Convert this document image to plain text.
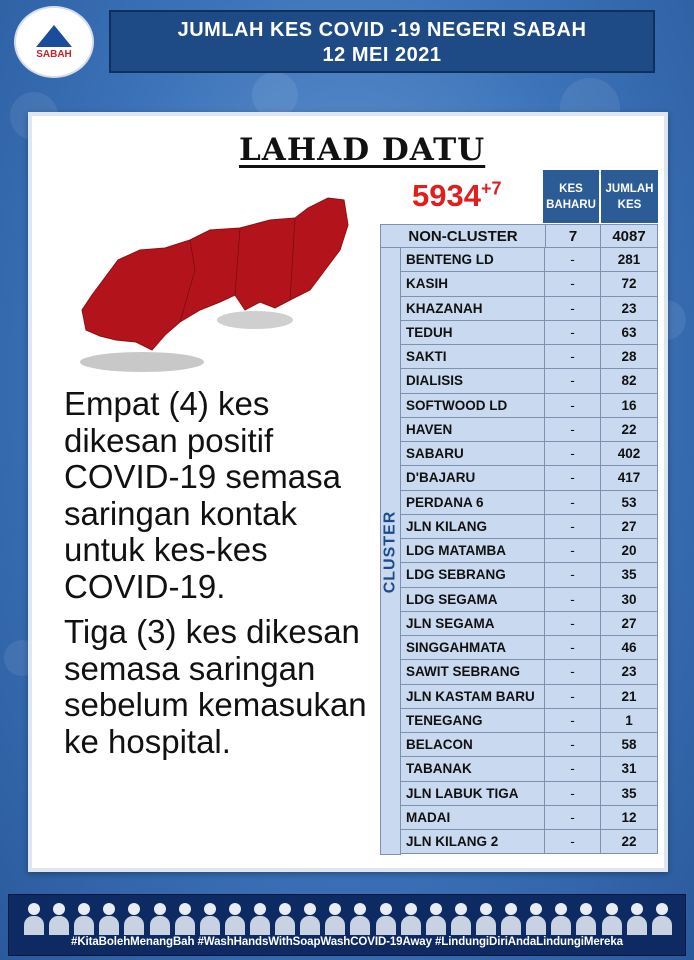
SABAH
JUMLAH KES COVID -19 NEGERI SABAH
12 MEI 2021
LAHAD DATU
$5934^{+7}$

Empat (4) kes dikesan positif COVID-19 semasa saringan kontak untuk kes-kes COVID-19.

Tiga (3) kes dikesan semasa saringan sebelum kemasukan ke hospital.

KES BAHARU
JUMLAH KES
NON-CLUSTER	7	4087
CLUSTER
BENTENG LD	-	281
KASIH	-	72
KHAZANAH	-	23
TEDUH	-	63
SAKTI	-	28
DIALISIS	-	82
SOFTWOOD LD	-	16
HAVEN	-	22
SABARU	-	402
D'BAJARU	-	417
PERDANA 6	-	53
JLN KILANG	-	27
LDG MATAMBA	-	20
LDG SEBRANG	-	35
LDG SEGAMA	-	30
JLN SEGAMA	-	27
SINGGAHMATA	-	46
SAWIT SEBRANG	-	23
JLN KASTAM BARU	-	21
TENEGANG	-	1
BELACON	-	58
TABANAK	-	31
JLN LABUK TIGA	-	35
MADAI	-	12
JLN KILANG 2	-	22
#KitaBolehMenangBah #WashHandsWithSoapWashCOVID-19Away #LindungiDiriAndaLindungiMereka
